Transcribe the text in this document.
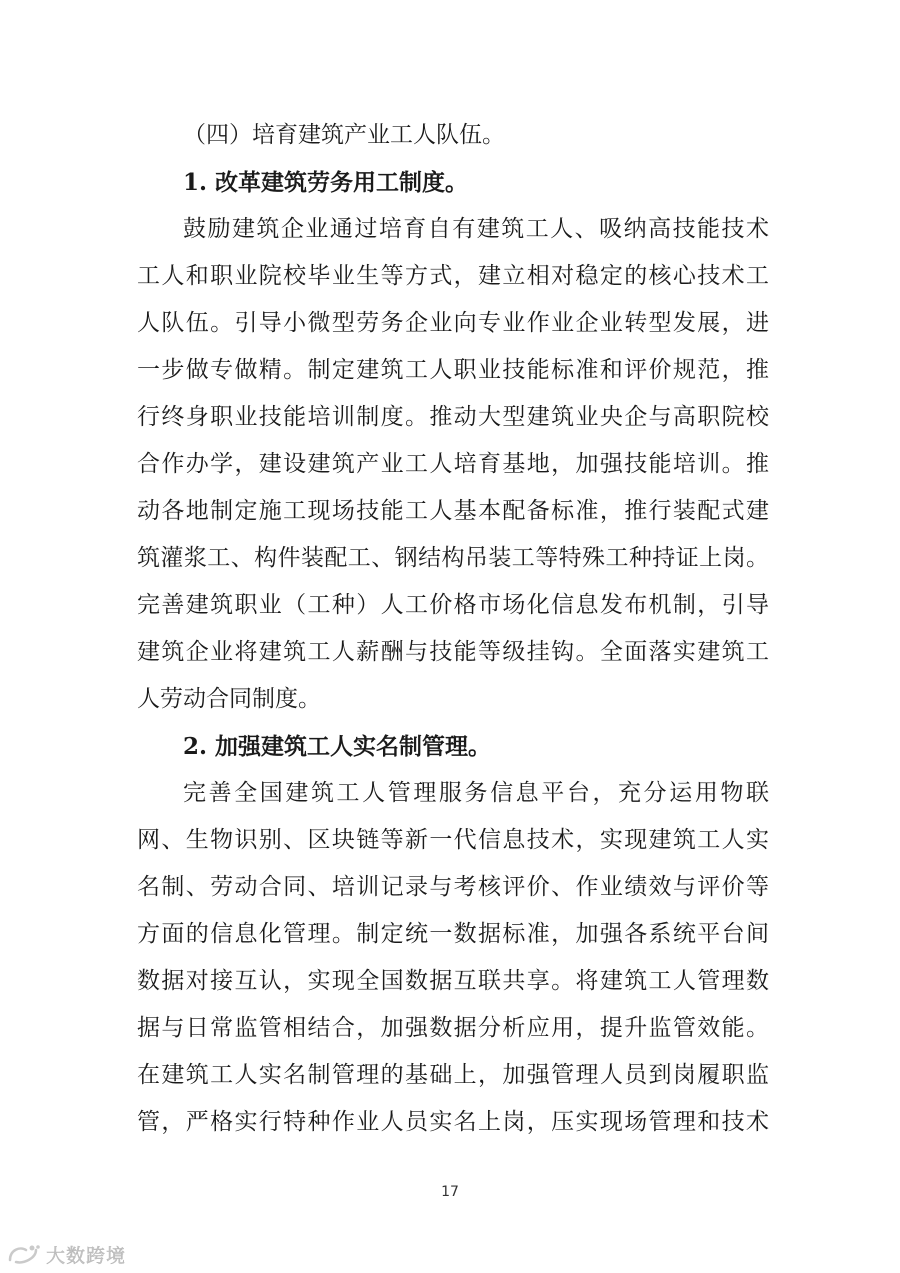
（四）培育建筑产业工人队伍。
1. 改革建筑劳务用工制度。
鼓励建筑企业通过培育自有建筑工人、吸纳高技能技术
工人和职业院校毕业生等方式，建立相对稳定的核心技术工
人队伍。引导小微型劳务企业向专业作业企业转型发展，进
一步做专做精。制定建筑工人职业技能标准和评价规范，推
行终身职业技能培训制度。推动大型建筑业央企与高职院校
合作办学，建设建筑产业工人培育基地，加强技能培训。推
动各地制定施工现场技能工人基本配备标准，推行装配式建
筑灌浆工、构件装配工、钢结构吊装工等特殊工种持证上岗。
完善建筑职业（工种）人工价格市场化信息发布机制，引导
建筑企业将建筑工人薪酬与技能等级挂钩。全面落实建筑工
人劳动合同制度。
2. 加强建筑工人实名制管理。
完善全国建筑工人管理服务信息平台，充分运用物联
网、生物识别、区块链等新一代信息技术，实现建筑工人实
名制、劳动合同、培训记录与考核评价、作业绩效与评价等
方面的信息化管理。制定统一数据标准，加强各系统平台间
数据对接互认，实现全国数据互联共享。将建筑工人管理数
据与日常监管相结合，加强数据分析应用，提升监管效能。
在建筑工人实名制管理的基础上，加强管理人员到岗履职监
管，严格实行特种作业人员实名上岗，压实现场管理和技术
17
大数跨境
